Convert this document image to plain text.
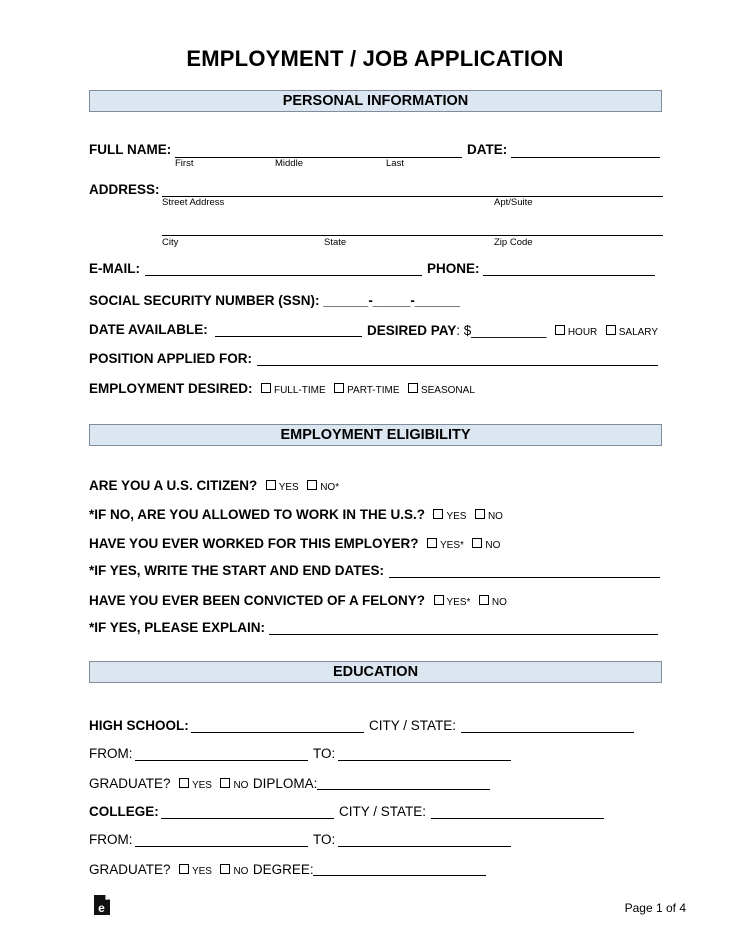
EMPLOYMENT / JOB APPLICATION
PERSONAL INFORMATION
FULL NAME:
First	Middle	Last
DATE:
ADDRESS:
Street Address	Apt/Suite
City	State	Zip Code
E-MAIL:	PHONE:
SOCIAL SECURITY NUMBER (SSN): ______-_____-______
DATE AVAILABLE:	DESIRED PAY: $__________ HOUR SALARY
POSITION APPLIED FOR:
EMPLOYMENT DESIRED: FULL-TIME PART-TIME SEASONAL
EMPLOYMENT ELIGIBILITY
ARE YOU A U.S. CITIZEN? YES NO*
*IF NO, ARE YOU ALLOWED TO WORK IN THE U.S.? YES NO
HAVE YOU EVER WORKED FOR THIS EMPLOYER? YES* NO
*IF YES, WRITE THE START AND END DATES:
HAVE YOU EVER BEEN CONVICTED OF A FELONY? YES* NO
*IF YES, PLEASE EXPLAIN:
EDUCATION
HIGH SCHOOL:	CITY / STATE:
FROM:	TO:
GRADUATE? YES NO DIPLOMA:
COLLEGE:	CITY / STATE:
FROM:	TO:
GRADUATE? YES NO DEGREE:
e	Page 1 of 4
